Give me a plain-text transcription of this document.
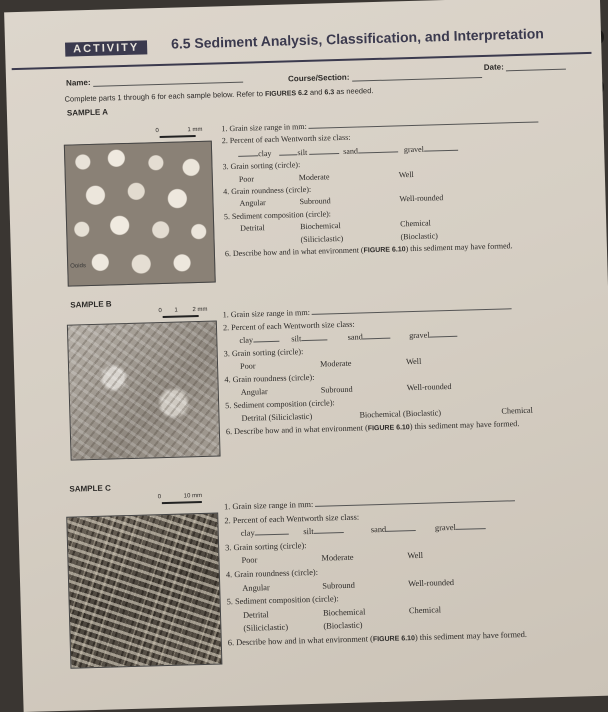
ACTIVITY	6.5 Sediment Analysis, Classification, and Interpretation
Name:	Course/Section:
Date:
Complete parts 1 through 6 for each sample below. Refer to FIGURES 6.2 and 6.3 as needed.
SAMPLE A
0	1 mm
Ooids
1. Grain size range in mm:
2. Percent of each Wentworth size class:
clay	silt	sand	gravel
3. Grain sorting (circle):
Poor	Moderate	Well
4. Grain roundness (circle):
Angular	Subround	Well-rounded
5. Sediment composition (circle):
Detrital	Biochemical	Chemical
(Siliciclastic)	(Bioclastic)
6. Describe how and in what environment (FIGURE 6.10) this sediment may have formed.
SAMPLE B
0 1 2 mm 1. Grain size range in mm:
2. Percent of each Wentworth size class:
clay	silt	sand	gravel
3. Grain sorting (circle):
Poor	Moderate	Well
4. Grain roundness (circle):
Angular	Subround	Well-rounded
5. Sediment composition (circle):
Detrital (Siliciclastic)	Biochemical (Bioclastic)	Chemical
6. Describe how and in what environment (FIGURE 6.10) this sediment may have formed.
SAMPLE C
0	10 mm
1. Grain size range in mm:
2. Percent of each Wentworth size class:
clay	silt	sand	gravel
3. Grain sorting (circle):
Poor	Moderate	Well
4. Grain roundness (circle):
Angular	Subround	Well-rounded
5. Sediment composition (circle):
Detrital	Biochemical	Chemical
(Siliciclastic)	(Bioclastic)
6. Describe how and in what environment (FIGURE 6.10) this sediment may have formed.
